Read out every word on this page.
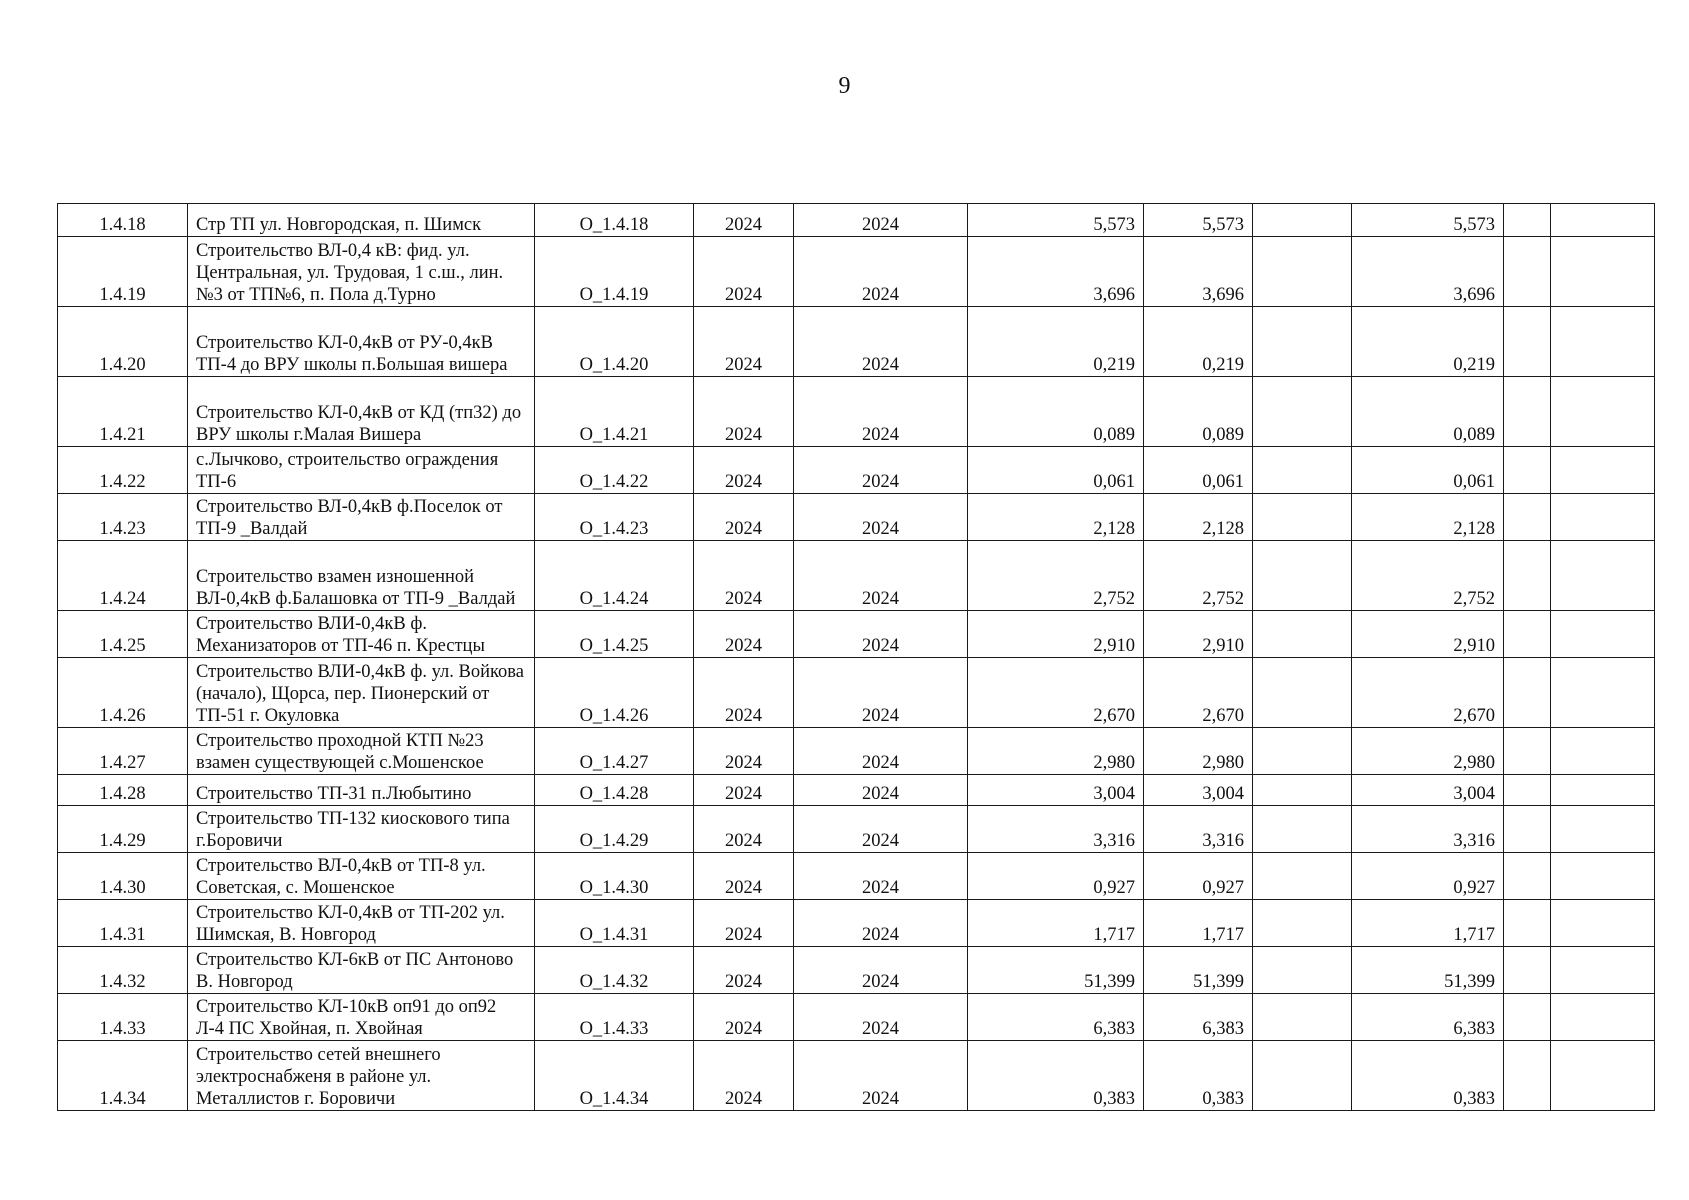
9
1.4.18	Стр ТП ул. Новгородская, п. Шимск	O_1.4.18	2024	2024	5,573	5,573		5,573		
1.4.19	Строительство ВЛ-0,4 кВ: фид. ул. Центральная, ул. Трудовая, 1 с.ш., лин. №3 от ТП№6, п. Пола д.Турно	O_1.4.19	2024	2024	3,696	3,696		3,696		
1.4.20	Строительство КЛ-0,4кВ от РУ-0,4кВ ТП-4 до ВРУ школы п.Большая вишера	O_1.4.20	2024	2024	0,219	0,219		0,219		
1.4.21	Строительство КЛ-0,4кВ от КД (тп32) до ВРУ школы г.Малая Вишера	O_1.4.21	2024	2024	0,089	0,089		0,089		
1.4.22	с.Лычково, строительство ограждения ТП-6	O_1.4.22	2024	2024	0,061	0,061		0,061		
1.4.23	Строительство ВЛ-0,4кВ ф.Поселок от ТП-9 _Валдай	O_1.4.23	2024	2024	2,128	2,128		2,128		
1.4.24	Строительство взамен изношенной ВЛ-0,4кВ ф.Балашовка от ТП-9 _Валдай	O_1.4.24	2024	2024	2,752	2,752		2,752		
1.4.25	Строительство ВЛИ-0,4кВ ф. Механизаторов от ТП-46 п. Крестцы	O_1.4.25	2024	2024	2,910	2,910		2,910		
1.4.26	Строительство ВЛИ-0,4кВ ф. ул. Войкова (начало), Щорса, пер. Пионерский от ТП-51 г. Окуловка	O_1.4.26	2024	2024	2,670	2,670		2,670		
1.4.27	Строительство проходной КТП №23 взамен существующей с.Мошенское	O_1.4.27	2024	2024	2,980	2,980		2,980		
1.4.28	Строительство ТП-31 п.Любытино	O_1.4.28	2024	2024	3,004	3,004		3,004		
1.4.29	Строительство ТП-132 киоскового типа г.Боровичи	O_1.4.29	2024	2024	3,316	3,316		3,316		
1.4.30	Строительство ВЛ-0,4кВ от ТП-8 ул. Советская, с. Мошенское	O_1.4.30	2024	2024	0,927	0,927		0,927		
1.4.31	Строительство КЛ-0,4кВ от ТП-202 ул. Шимская, В. Новгород	O_1.4.31	2024	2024	1,717	1,717		1,717		
1.4.32	Строительство КЛ-6кВ от ПС Антоново В. Новгород	O_1.4.32	2024	2024	51,399	51,399		51,399		
1.4.33	Строительство КЛ-10кВ оп91 до оп92 Л-4 ПС Хвойная, п. Хвойная	O_1.4.33	2024	2024	6,383	6,383		6,383		
1.4.34	Строительство сетей внешнего электроснабженя в районе ул. Металлистов г. Боровичи	O_1.4.34	2024	2024	0,383	0,383		0,383		
